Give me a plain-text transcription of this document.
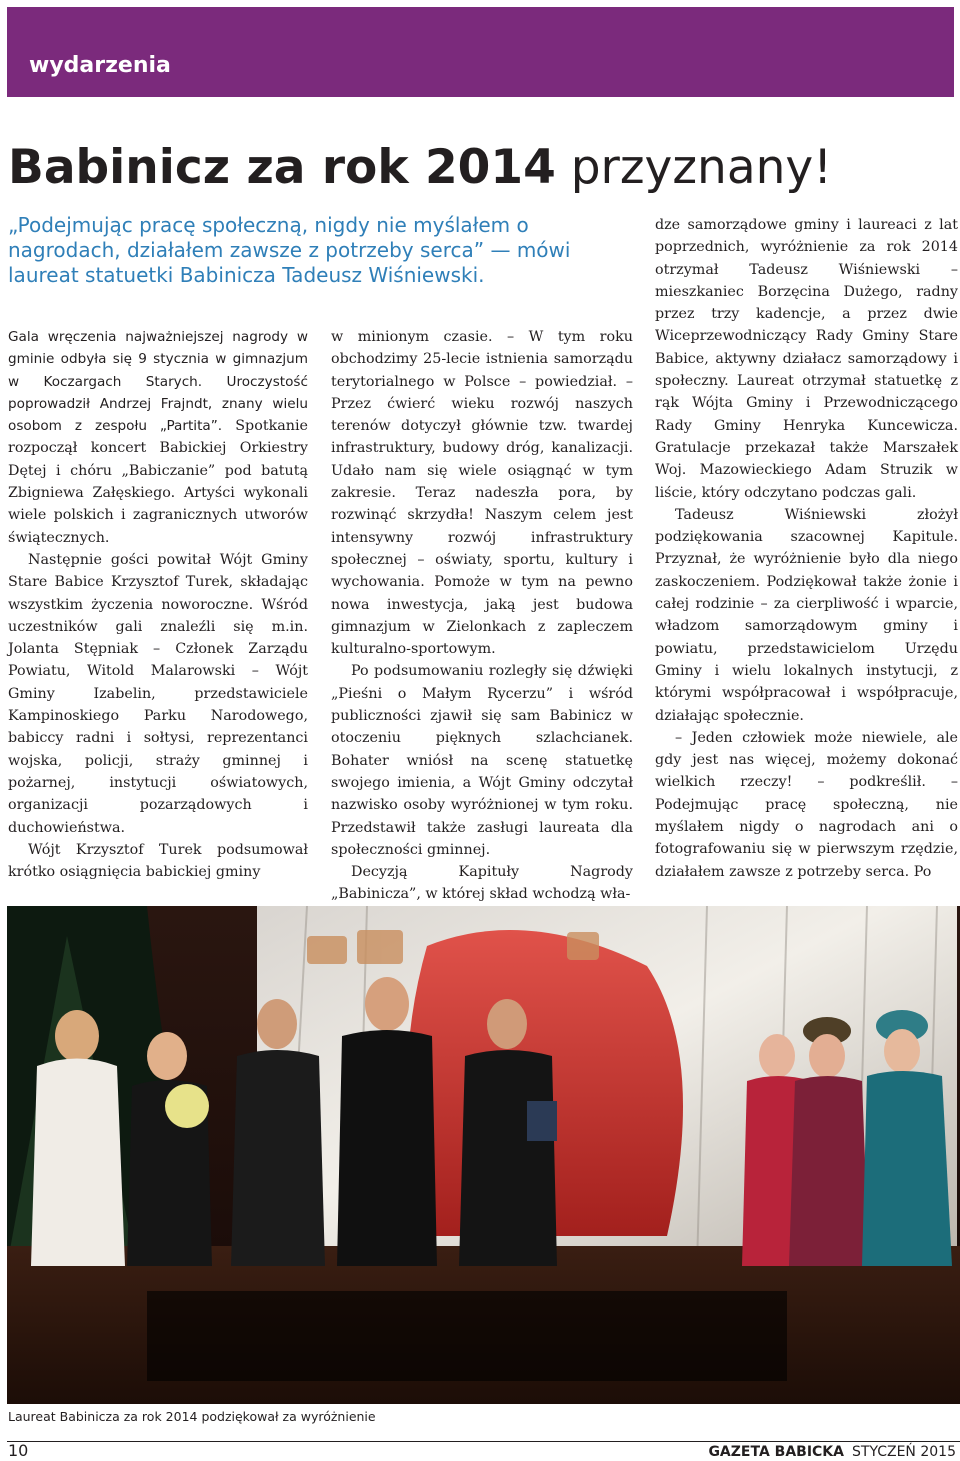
wydarzenia
Babinicz za rok 2014 przyznany!

„Podejmując pracę społeczną, nigdy nie myślałem o nagrodach, działałem zawsze z potrzeby serca” — mówi laureat statuetki Babinicza Tadeusz Wiśniewski.

Gala wręczenia najważniejszej nagrody w gminie odbyła się 9 stycznia w gimnazjum w Koczargach Starych. Uroczystość poprowadził Andrzej Frajndt, znany wielu osobom z zespołu „Partita”. Spotkanie rozpoczął koncert Babickiej Orkiestry Dętej i chóru „Babiczanie” pod batutą Zbigniewa Załęskiego. Artyści wykonali wiele polskich i zagranicznych utworów świątecznych.

Następnie gości powitał Wójt Gminy Stare Babice Krzysztof Turek, składając wszystkim życzenia noworoczne. Wśród uczestników gali znaleźli się m.in. Jolanta Stępniak – Członek Zarządu Powiatu, Witold Malarowski – Wójt Gminy Izabelin, przedstawiciele Kampinoskiego Parku Narodowego, babiccy radni i sołtysi, reprezentanci wojska, policji, straży gminnej i pożarnej, instytucji oświatowych, organizacji pozarządowych i duchowieństwa.

Wójt Krzysztof Turek podsumował krótko osiągnięcia babickiej gminy

w minionym czasie. – W tym roku obchodzimy 25-lecie istnienia samorządu terytorialnego w Polsce – powiedział. – Przez ćwierć wieku rozwój naszych terenów dotyczył głównie tzw. twardej infrastruktury, budowy dróg, kanalizacji. Udało nam się wiele osiągnąć w tym zakresie. Teraz nadeszła pora, by rozwinąć skrzydła! Naszym celem jest intensywny rozwój infrastruktury społecznej – oświaty, sportu, kultury i wychowania. Pomoże w tym na pewno nowa inwestycja, jaką jest budowa gimnazjum w Zielonkach z zapleczem kulturalno-sportowym.

Po podsumowaniu rozległy się dźwięki „Pieśni o Małym Rycerzu” i wśród publiczności zjawił się sam Babinicz w otoczeniu pięknych szlachcianek. Bohater wniósł na scenę statuetkę swojego imienia, a Wójt Gminy odczytał nazwisko osoby wyróżnionej w tym roku. Przedstawił także zasługi laureata dla społeczności gminnej.

Decyzją Kapituły Nagrody „Babinicza”, w której skład wchodzą wła-

dze samorządowe gminy i laureaci z lat poprzednich, wyróżnienie za rok 2014 otrzymał Tadeusz Wiśniewski – mieszkaniec Borzęcina Dużego, radny przez trzy kadencje, a przez dwie Wiceprzewodniczący Rady Gminy Stare Babice, aktywny działacz samorządowy i społeczny. Laureat otrzymał statuetkę z rąk Wójta Gminy i Przewodniczącego Rady Gminy Henryka Kuncewicza. Gratulacje przekazał także Marszałek Woj. Mazowieckiego Adam Struzik w liście, który odczytano podczas gali.

Tadeusz Wiśniewski złożył podziękowania szacownej Kapitule. Przyznał, że wyróżnienie było dla niego zaskoczeniem. Podziękował także żonie i całej rodzinie – za cierpliwość i wparcie, władzom samorządowym gminy i powiatu, przedstawicielom Urzędu Gminy i wielu lokalnych instytucji, z którymi współpracował i współpracuje, działając społecznie.

– Jeden człowiek może niewiele, ale gdy jest nas więcej, możemy dokonać wielkich rzeczy! – podkreślił. – Podejmując pracę społeczną, nie myślałem nigdy o nagrodach ani o fotografowaniu się w pierwszym rzędzie, działałem zawsze z potrzeby serca. Po

Laureat Babinicza za rok 2014 podziękował za wyróżnienie

10	GAZETA BABICKA STYCZEŃ 2015
